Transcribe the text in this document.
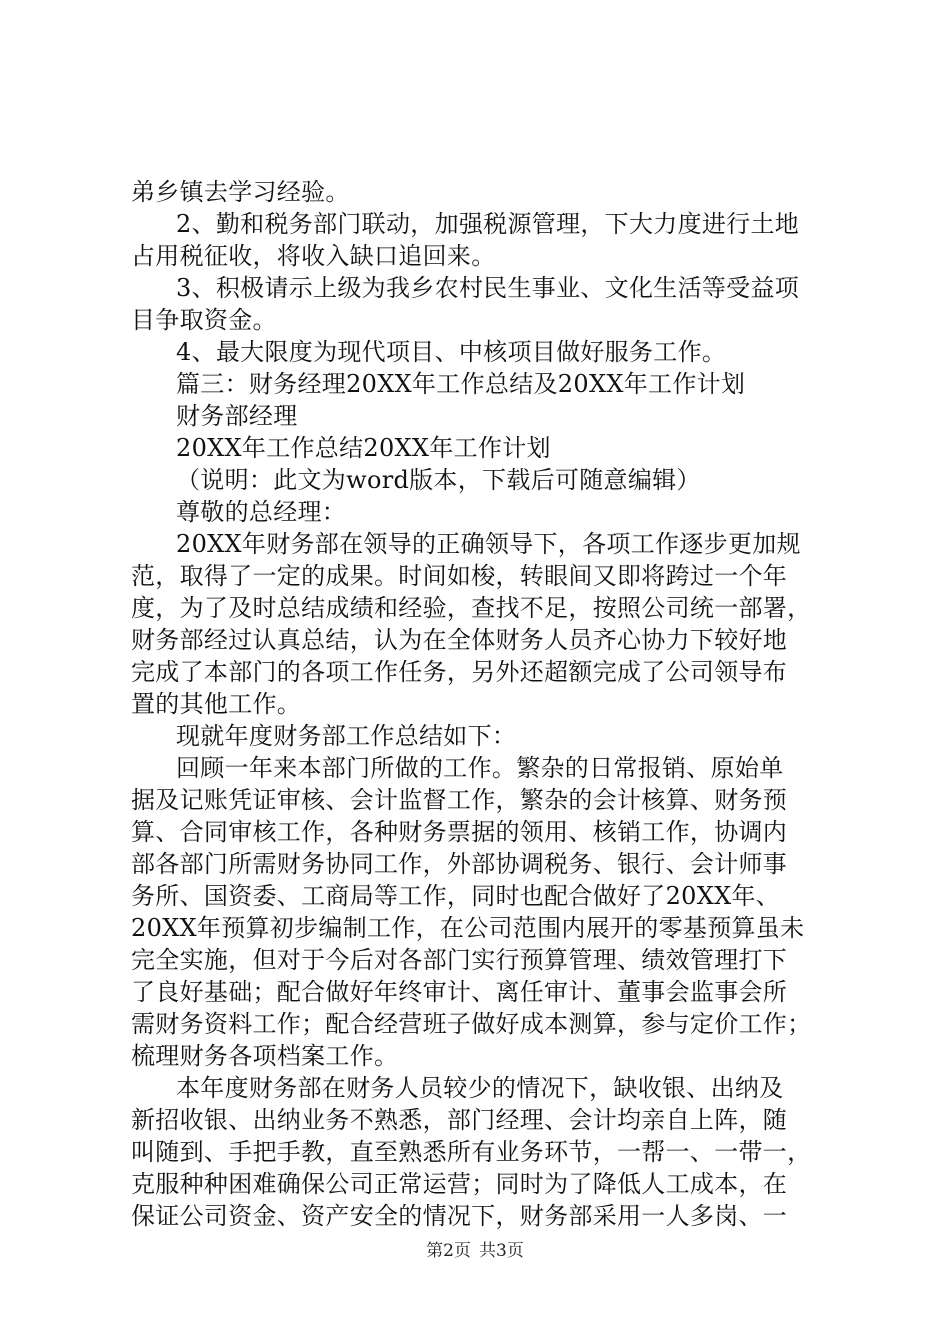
弟乡镇去学习经验。
2、勤和税务部门联动，加强税源管理，下大力度进行土地
占用税征收，将收入缺口追回来。
3、积极请示上级为我乡农村民生事业、文化生活等受益项
目争取资金。
4、最大限度为现代项目、中核项目做好服务工作。
篇三：财务经理20XX年工作总结及20XX年工作计划
财务部经理
20XX年工作总结20XX年工作计划
（说明：此文为word版本，下载后可随意编辑）
尊敬的总经理：
20XX年财务部在领导的正确领导下，各项工作逐步更加规
范，取得了一定的成果。时间如梭，转眼间又即将跨过一个年
度，为了及时总结成绩和经验，查找不足，按照公司统一部署，
财务部经过认真总结，认为在全体财务人员齐心协力下较好地
完成了本部门的各项工作任务，另外还超额完成了公司领导布
置的其他工作。
现就年度财务部工作总结如下：
回顾一年来本部门所做的工作。繁杂的日常报销、原始单
据及记账凭证审核、会计监督工作，繁杂的会计核算、财务预
算、合同审核工作，各种财务票据的领用、核销工作，协调内
部各部门所需财务协同工作，外部协调税务、银行、会计师事
务所、国资委、工商局等工作，同时也配合做好了20XX年、
20XX年预算初步编制工作，在公司范围内展开的零基预算虽未
完全实施，但对于今后对各部门实行预算管理、绩效管理打下
了良好基础；配合做好年终审计、离任审计、董事会监事会所
需财务资料工作；配合经营班子做好成本测算，参与定价工作；
梳理财务各项档案工作。
本年度财务部在财务人员较少的情况下，缺收银、出纳及
新招收银、出纳业务不熟悉，部门经理、会计均亲自上阵，随
叫随到、手把手教，直至熟悉所有业务环节，一帮一、一带一，
克服种种困难确保公司正常运营；同时为了降低人工成本，在
保证公司资金、资产安全的情况下，财务部采用一人多岗、一
第2页 共3页
